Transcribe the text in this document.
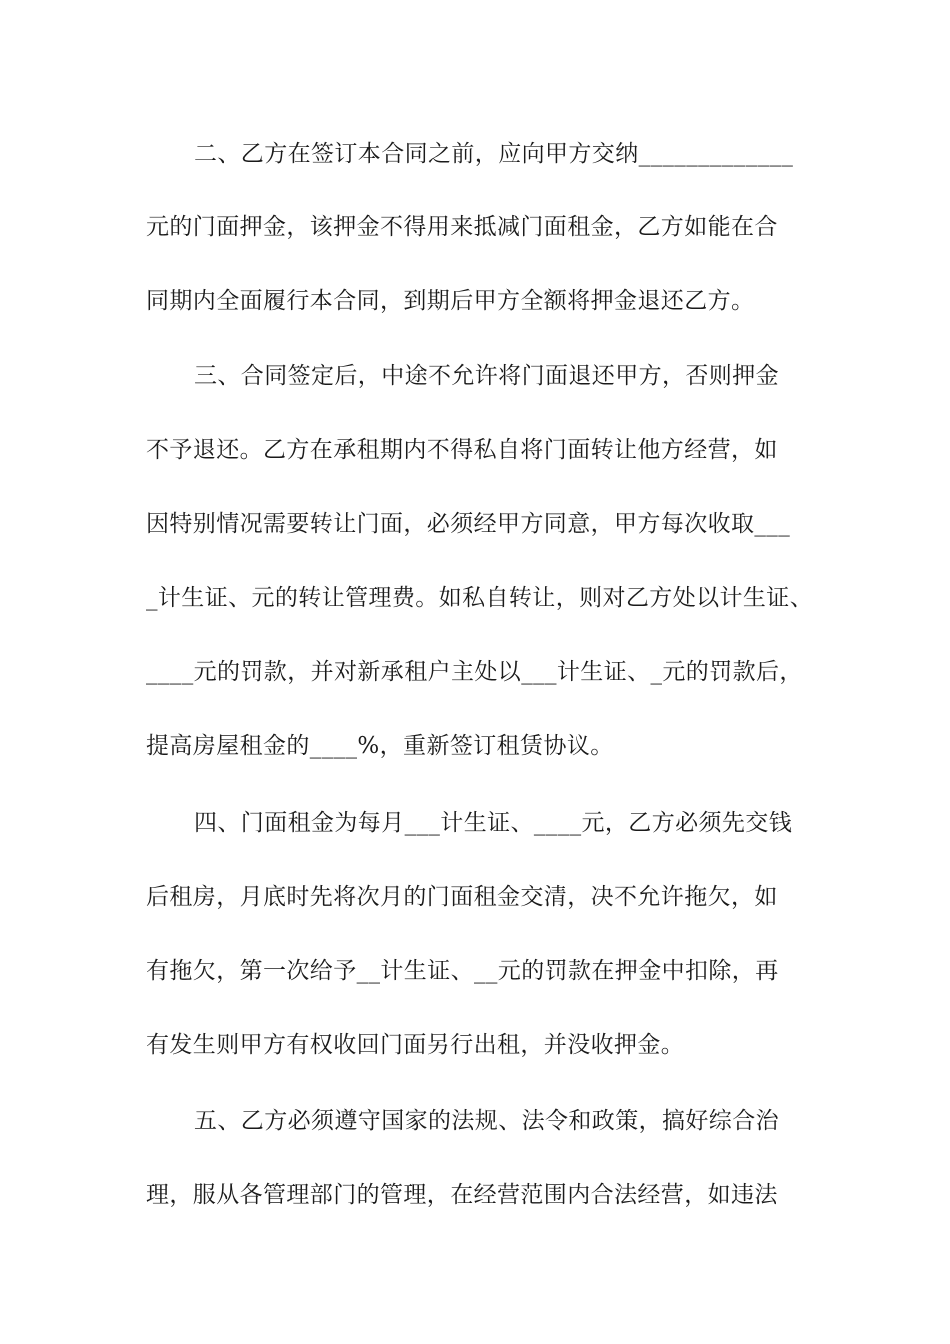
二、乙方在签订本合同之前，应向甲方交纳_____________
元的门面押金，该押金不得用来抵减门面租金，乙方如能在合
同期内全面履行本合同，到期后甲方全额将押金退还乙方。
三、合同签定后，中途不允许将门面退还甲方，否则押金
不予退还。乙方在承租期内不得私自将门面转让他方经营，如
因特别情况需要转让门面，必须经甲方同意，甲方每次收取___
_计生证、元的转让管理费。如私自转让，则对乙方处以计生证、
____元的罚款，并对新承租户主处以___计生证、_元的罚款后，
提高房屋租金的____%，重新签订租赁协议。
四、门面租金为每月___计生证、____元，乙方必须先交钱
后租房，月底时先将次月的门面租金交清，决不允许拖欠，如
有拖欠，第一次给予__计生证、__元的罚款在押金中扣除，再
有发生则甲方有权收回门面另行出租，并没收押金。
五、乙方必须遵守国家的法规、法令和政策，搞好综合治
理，服从各管理部门的管理，在经营范围内合法经营，如违法
